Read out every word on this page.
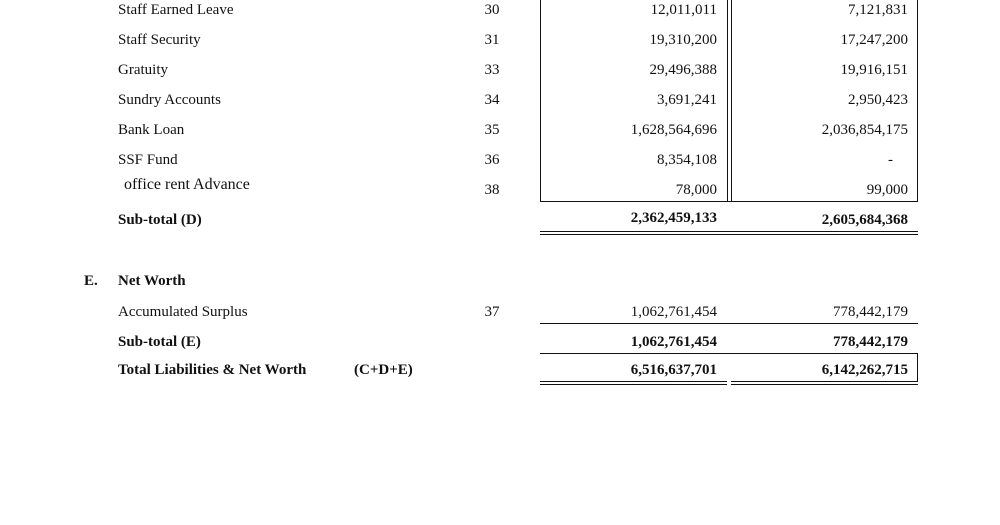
Staff Earned Leave	30	12,011,011	7,121,831
Staff Security	31	19,310,200	17,247,200
Gratuity	33	29,496,388	19,916,151
Sundry Accounts	34	3,691,241	2,950,423
Bank Loan	35	1,628,564,696	2,036,854,175
SSF Fund	36	8,354,108	-
office rent Advance	38	78,000	99,000
Sub-total (D)	2,362,459,133	2,605,684,368
E. Net Worth
Accumulated Surplus	37	1,062,761,454	778,442,179
Sub-total (E)	1,062,761,454	778,442,179
Total Liabilities & Net Worth	(C+D+E)	6,516,637,701	6,142,262,715
